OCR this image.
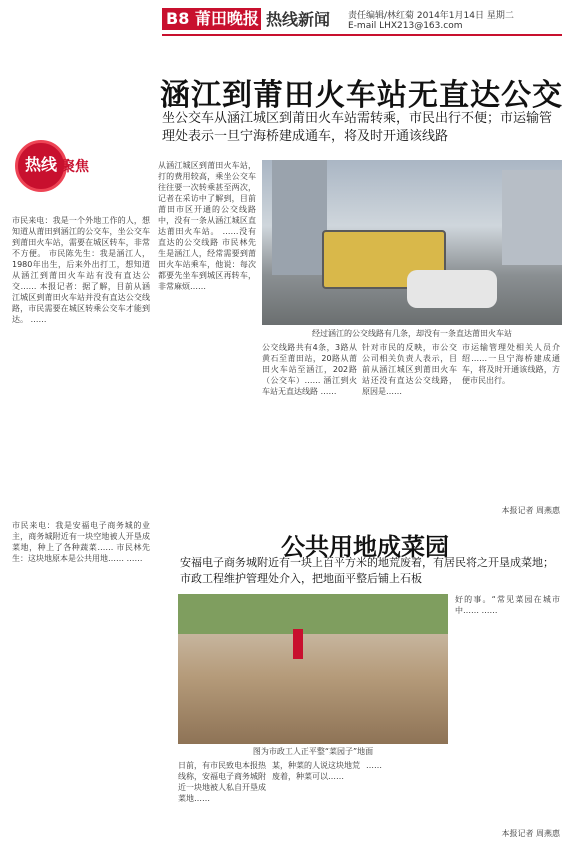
B8 莆田晚报 热线新闻 责任编辑/林红菊 2014年1月14日 星期二
E-mail LHX213@163.com
涵江到莆田火车站无直达公交
坐公交车从涵江城区到莆田火车站需转乘，市民出行不便；市运输管理处表示一旦宁海桥建成通车，将及时开通该线路
热线 聚焦
市民来电：我是一个外地工作的人，想知道从莆田到涵江的公交车，坐公交车到莆田火车站，需要在城区转车，非常不方便。 市民陈先生：我是涵江人，1980年出生，后来外出打工，想知道从涵江到莆田火车站有没有直达公交…… 本报记者：据了解，目前从涵江城区到莆田火车站并没有直达公交线路，市民需要在城区转乘公交车才能到达。 ……
从涵江城区到莆田火车站，打的费用较高，乘坐公交车往往要一次转乘甚至两次，记者在采访中了解到，目前莆田市区开通的公交线路中，没有一条从涵江城区直达莆田火车站。 ……没有直达的公交线路 市民林先生是涵江人，经常需要到莆田火车站乘车，他说：每次都要先坐车到城区再转车，非常麻烦……
经过涵江的公交线路有几条，却没有一条直达莆田火车站
公交线路共有4条，3路从黄石至莆田站，20路从莆田火车站至涵江，202路（公交车）…… 涵江到火车站无直达线路 ……
针对市民的反映，市公交公司相关负责人表示，目前从涵江城区到莆田火车站还没有直达公交线路，原因是……
市运输管理处相关人员介绍……一旦宁海桥建成通车，将及时开通该线路，方便市民出行。
本报记者 周燕惠
公共用地成菜园
安福电子商务城附近有一块上百平方米的地荒废着，有居民将之开垦成菜地；市政工程维护管理处介入，把地面平整后铺上石板
市民来电：我是安福电子商务城的业主，商务城附近有一块空地被人开垦成菜地，种上了各种蔬菜…… 市民林先生：这块地原本是公共用地…… ……
图为市政工人正平整“菜园子”地面
好的事。“常见菜园在城市中…… ……
日前，有市民致电本报热线称，安福电子商务城附近一块地被人私自开垦成菜地……
某，种菜的人说这块地荒废着，种菜可以……
……
本报记者 周燕惠
